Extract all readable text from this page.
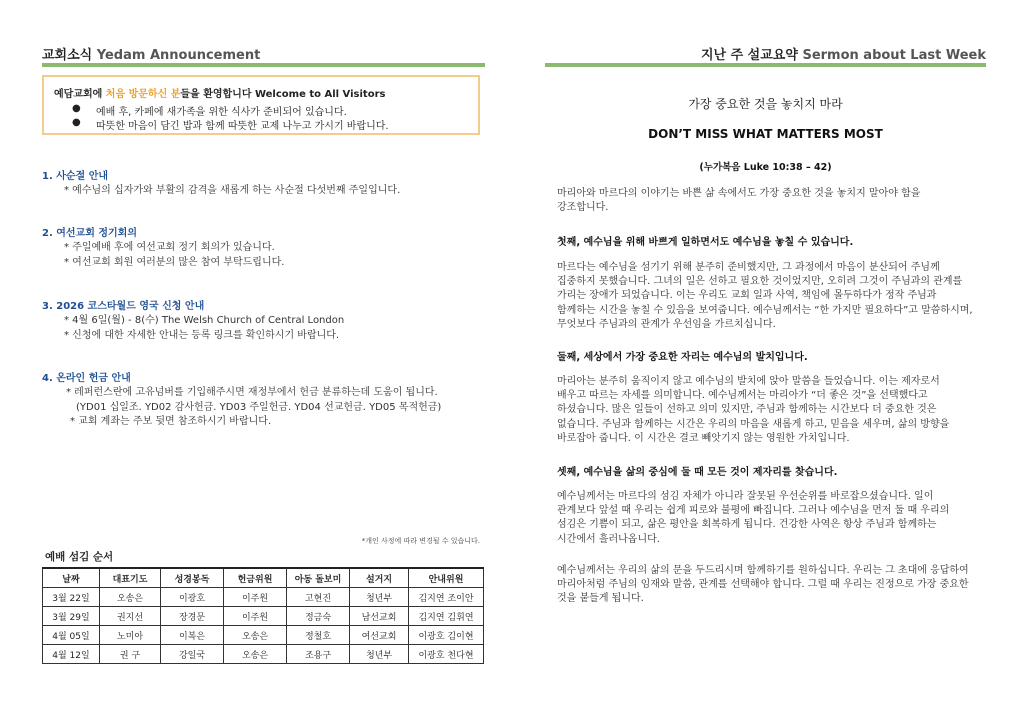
교회소식 Yedam Announcement	지난 주 설교요약 Sermon about Last Week
예담교회에 처음 방문하신 분들을 환영합니다 Welcome to All Visitors
● 예배 후, 카페에 새가족을 위한 식사가 준비되어 있습니다.
● 따뜻한 마음이 담긴 밥과 함께 따뜻한 교제 나누고 가시기 바랍니다.
1. 사순절 안내
* 예수님의 십자가와 부활의 감격을 새롭게 하는 사순절 다섯번째 주일입니다.
2. 여선교회 정기회의
* 주일예배 후에 여선교회 정기 회의가 있습니다.
* 여선교회 회원 여러분의 많은 참여 부탁드립니다.
3. 2026 코스타월드 영국 신청 안내
* 4월 6일(월) - 8(수) The Welsh Church of Central London
* 신청에 대한 자세한 안내는 등록 링크를 확인하시기 바랍니다.
4. 온라인 헌금 안내
* 레퍼런스란에 고유넘버를 기입해주시면 재정부에서 헌금 분류하는데 도움이 됩니다.
(YD01 십일조. YD02 감사헌금. YD03 주일헌금. YD04 선교헌금. YD05 목적헌금)
* 교회 계좌는 주보 뒷면 참조하시기 바랍니다.
*개인 사정에 따라 변경될 수 있습니다.
예배 섬김 순서
날짜	대표기도	성경봉독	헌금위원	아동 돌보미	설거지	안내위원
3월 22일	오송은	이광호	이주원	고현진	청년부	김지연 조이안
3월 29일	권지선	장경문	이주원	정금숙	남선교회	김지연 김휘연
4월 05일	노미아	이복은	오송은	정철호	여선교회	이광호 김이현
4월 12일	권 구	강일국	오송은	조용구	청년부	이광호 천다현
가장 중요한 것을 놓치지 마라
DON’T MISS WHAT MATTERS MOST
(누가복음 Luke 10:38 – 42)
마리아와 마르다의 이야기는 바쁜 삶 속에서도 가장 중요한 것을 놓치지 말아야 함을
강조합니다.
첫째, 예수님을 위해 바쁘게 일하면서도 예수님을 놓칠 수 있습니다.
마르다는 예수님을 섬기기 위해 분주히 준비했지만, 그 과정에서 마음이 분산되어 주님께
집중하지 못했습니다. 그녀의 일은 선하고 필요한 것이었지만, 오히려 그것이 주님과의 관계를
가리는 장애가 되었습니다. 이는 우리도 교회 일과 사역, 책임에 몰두하다가 정작 주님과
함께하는 시간을 놓칠 수 있음을 보여줍니다. 예수님께서는 “한 가지만 필요하다”고 말씀하시며,
무엇보다 주님과의 관계가 우선임을 가르치십니다.
둘째, 세상에서 가장 중요한 자리는 예수님의 발치입니다.
마리아는 분주히 움직이지 않고 예수님의 발치에 앉아 말씀을 들었습니다. 이는 제자로서
배우고 따르는 자세를 의미합니다. 예수님께서는 마리아가 “더 좋은 것”을 선택했다고
하셨습니다. 많은 일들이 선하고 의미 있지만, 주님과 함께하는 시간보다 더 중요한 것은
없습니다. 주님과 함께하는 시간은 우리의 마음을 새롭게 하고, 믿음을 세우며, 삶의 방향을
바로잡아 줍니다. 이 시간은 결코 빼앗기지 않는 영원한 가치입니다.
셋째, 예수님을 삶의 중심에 둘 때 모든 것이 제자리를 찾습니다.
예수님께서는 마르다의 섬김 자체가 아니라 잘못된 우선순위를 바로잡으셨습니다. 일이
관계보다 앞설 때 우리는 쉽게 피로와 불평에 빠집니다. 그러나 예수님을 먼저 둘 때 우리의
섬김은 기쁨이 되고, 삶은 평안을 회복하게 됩니다. 건강한 사역은 항상 주님과 함께하는
시간에서 흘러나옵니다.
예수님께서는 우리의 삶의 문을 두드리시며 함께하기를 원하십니다. 우리는 그 초대에 응답하여
마리아처럼 주님의 임재와 말씀, 관계를 선택해야 합니다. 그럴 때 우리는 진정으로 가장 중요한
것을 붙들게 됩니다.
